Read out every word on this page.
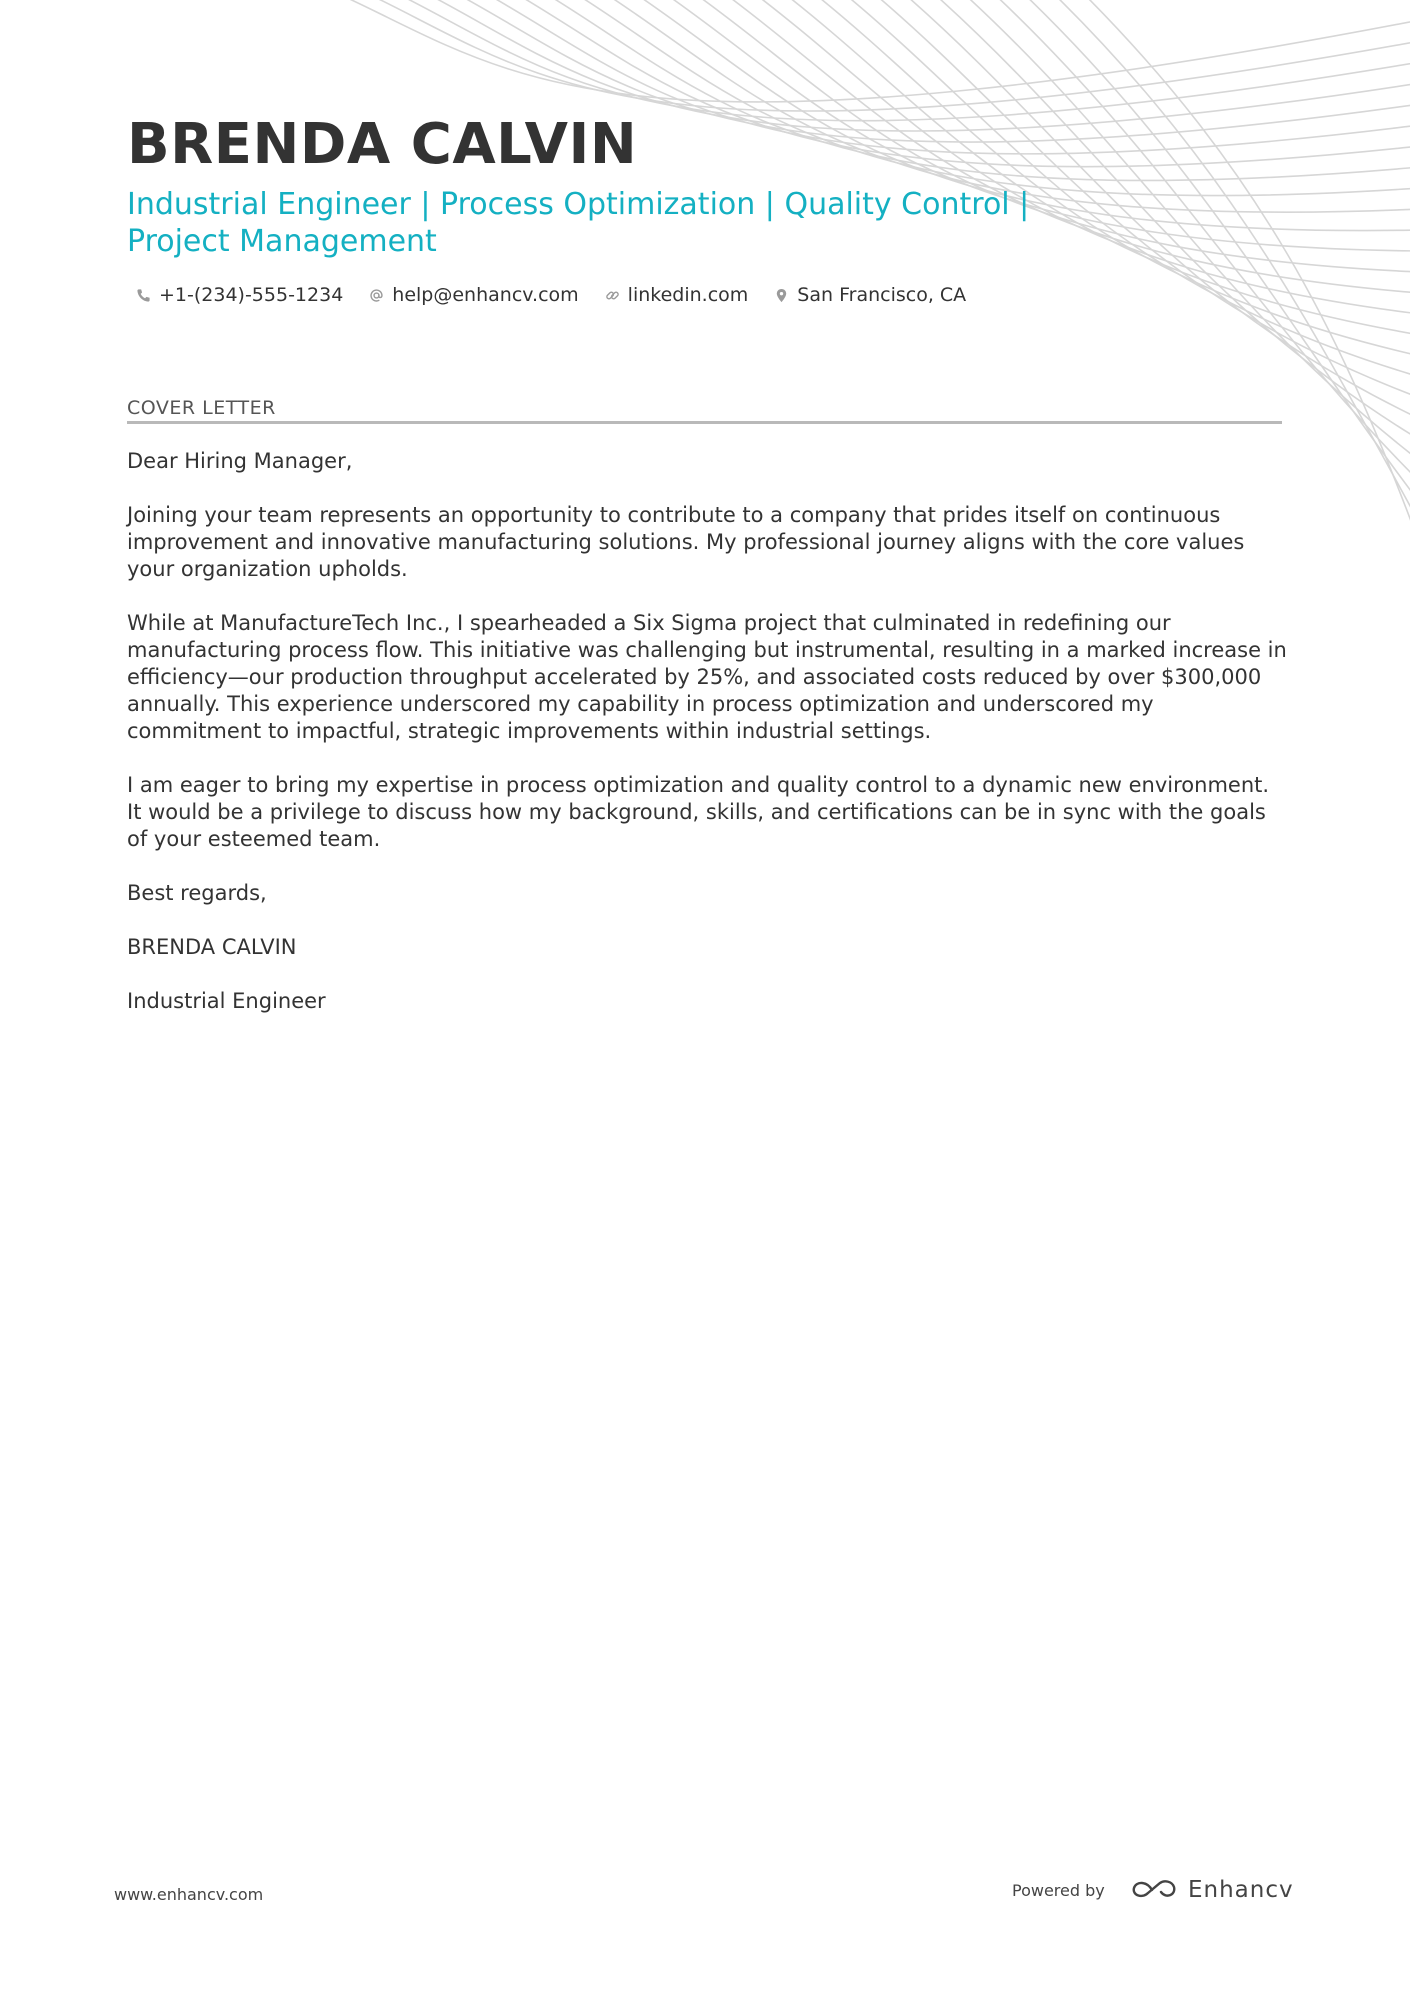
BRENDA CALVIN
Industrial Engineer | Process Optimization | Quality Control | Project Management
+1-(234)-555-1234	help@enhancv.com	linkedin.com	San Francisco, CA
COVER LETTER

Dear Hiring Manager,

Joining your team represents an opportunity to contribute to a company that prides itself on continuous improvement and innovative manufacturing solutions. My professional journey aligns with the core values your organization upholds.

While at ManufactureTech Inc., I spearheaded a Six Sigma project that culminated in redefining our manufacturing process flow. This initiative was challenging but instrumental, resulting in a marked increase in efficiency—our production throughput accelerated by 25%, and associated costs reduced by over $300,000 annually. This experience underscored my capability in process optimization and underscored my commitment to impactful, strategic improvements within industrial settings.

I am eager to bring my expertise in process optimization and quality control to a dynamic new environment. It would be a privilege to discuss how my background, skills, and certifications can be in sync with the goals of your esteemed team.

Best regards,

BRENDA CALVIN

Industrial Engineer

www.enhancv.com	Powered by	Enhancv
